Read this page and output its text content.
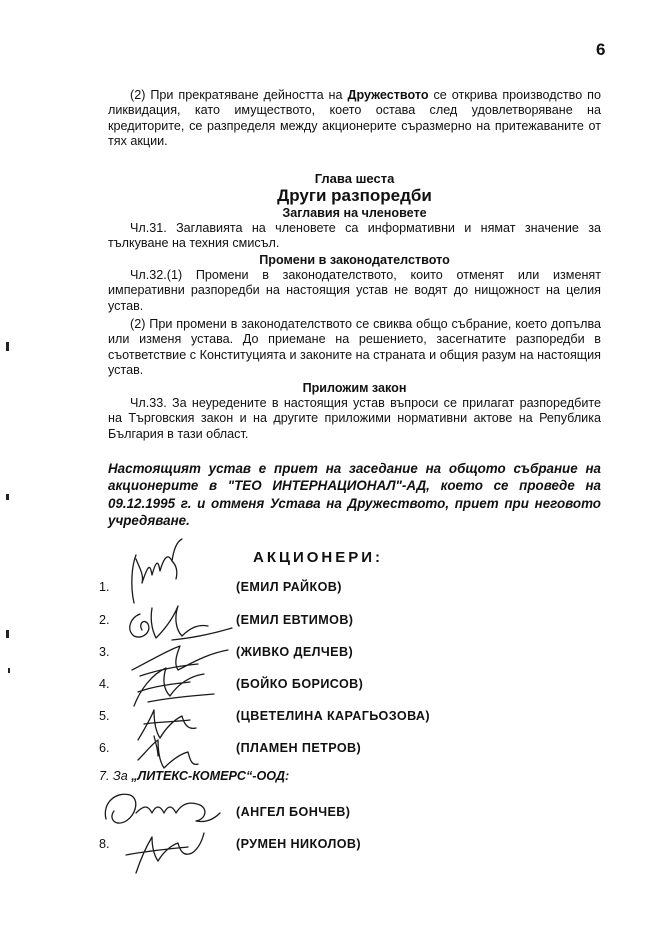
6

(2) При прекратяване дейността на Дружеството се открива производство по ликвидация, като имуществото, което остава след удовлетворяване на кредиторите, се разпределя между акционерите съразмерно на притежаваните от тях акции.

Глава шеста
Други разпоредби
Заглавия на членовете

Чл.31. Заглавията на членовете са информативни и нямат значение за тълкуване на техния смисъл.

Промени в законодателството

Чл.32.(1) Промени в законодателството, които отменят или изменят императивни разпоредби на настоящия устав не водят до нищожност на целия устав.

(2) При промени в законодателството се свиква общо събрание, което допълва или изменя устава. До приемане на решението, засегнатите разпоредби в съответствие с Конституцията и законите на страната и общия разум на настоящия устав.

Приложим закон

Чл.33. За неуредените в настоящия устав въпроси се прилагат разпоредбите на Търговския закон и на другите приложими нормативни актове на Република България в тази област.

Настоящият устав е приет на заседание на общото събрание на акционерите в "ТЕО ИНТЕРНАЦИОНАЛ"-АД, което се проведе на 09.12.1995 г. и отменя Устава на Дружеството, приет при неговото учредяване.

АКЦИОНЕРИ:
1.	(ЕМИЛ РАЙКОВ)
2.	(ЕМИЛ ЕВТИМОВ)
3.	(ЖИВКО ДЕЛЧЕВ)
4.	(БОЙКО БОРИСОВ)
5.	(ЦВЕТЕЛИНА КАРАГЬОЗОВА)
6.	(ПЛАМЕН ПЕТРОВ)
7. За „ЛИТЕКС-КОМЕРС“-ООД:
(АНГЕЛ БОНЧЕВ)
8.	(РУМЕН НИКОЛОВ)
